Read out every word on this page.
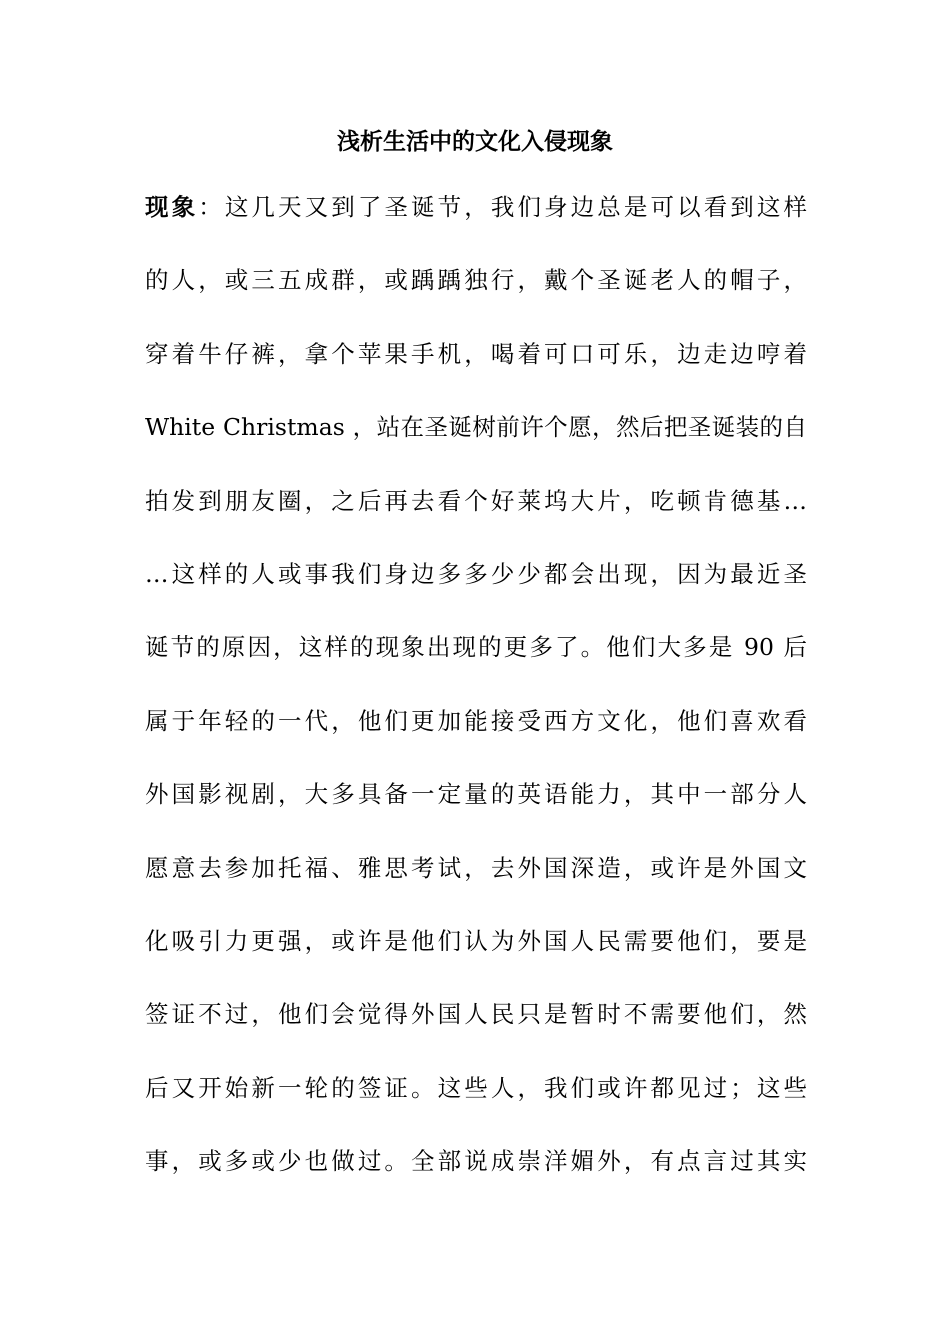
浅析生活中的文化入侵现象
现象：这几天又到了圣诞节，我们身边总是可以看到这样
的人，或三五成群，或踽踽独行，戴个圣诞老人的帽子，
穿着牛仔裤，拿个苹果手机，喝着可口可乐，边走边哼着
White Christmas ，站在圣诞树前许个愿，然后把圣诞装的自
拍发到朋友圈，之后再去看个好莱坞大片，吃顿肯德基…
…这样的人或事我们身边多多少少都会出现，因为最近圣
诞节的原因，这样的现象出现的更多了。他们大多是 90 后
属于年轻的一代，他们更加能接受西方文化，他们喜欢看
外国影视剧，大多具备一定量的英语能力，其中一部分人
愿意去参加托福、雅思考试，去外国深造，或许是外国文
化吸引力更强，或许是他们认为外国人民需要他们，要是
签证不过，他们会觉得外国人民只是暂时不需要他们，然
后又开始新一轮的签证。这些人，我们或许都见过；这些
事，或多或少也做过。全部说成崇洋媚外，有点言过其实
